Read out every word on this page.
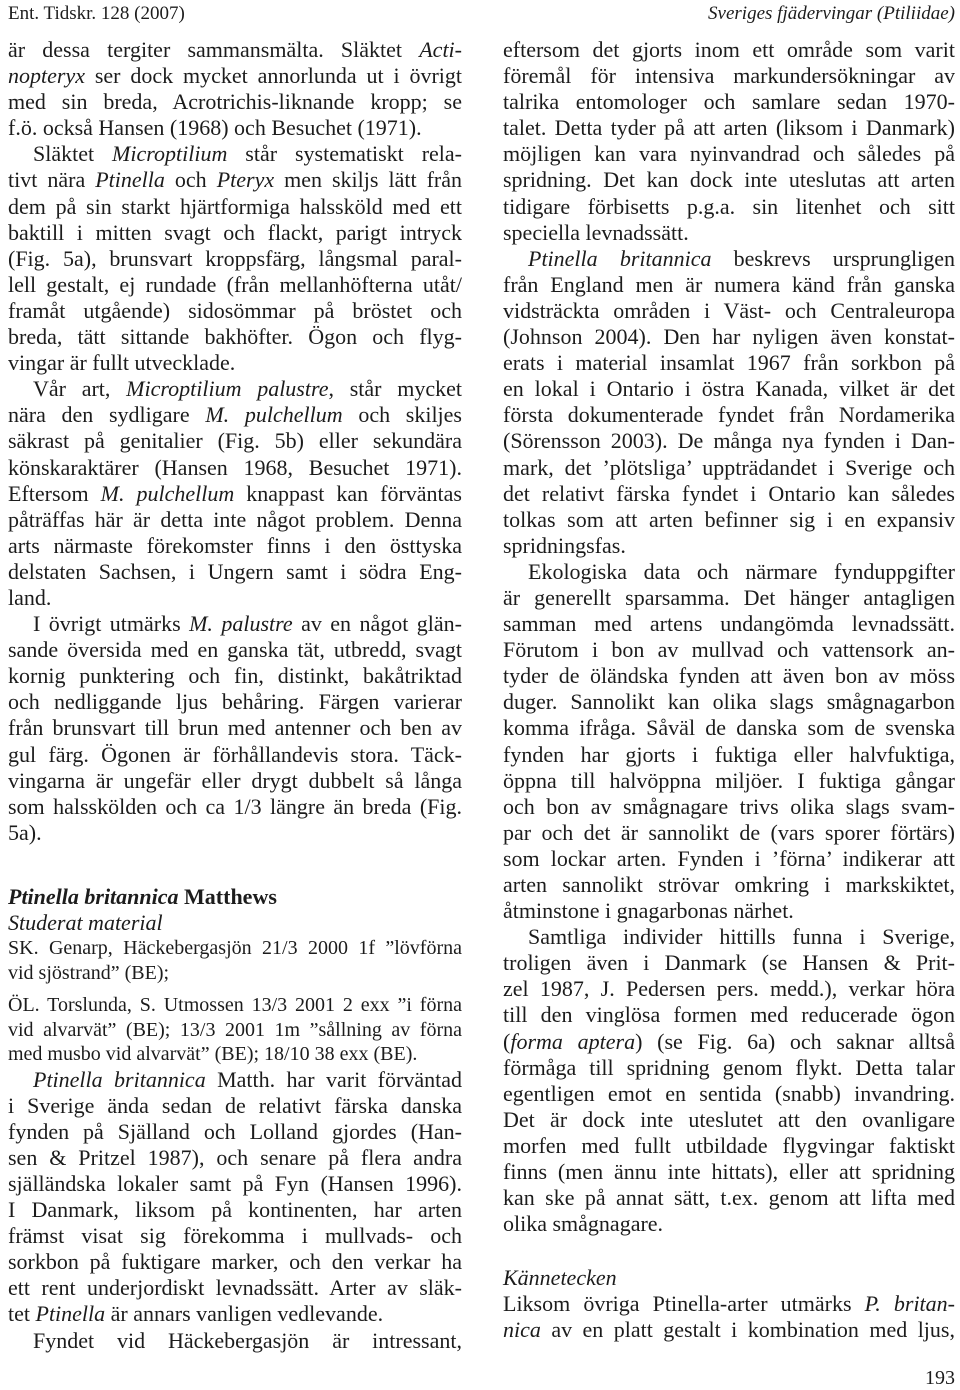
Ent. Tidskr. 128 (2007)	Sveriges fjädervingar (Ptiliidae)
är dessa tergiter sammansmälta. Släktet Acti-
nopteryx ser dock mycket annorlunda ut i övrigt
med sin breda, Acrotrichis-liknande kropp; se
f.ö. också Hansen (1968) och Besuchet (1971).
Släktet Microptilium står systematiskt rela-
tivt nära Ptinella och Pteryx men skiljs lätt från
dem på sin starkt hjärtformiga halssköld med ett
baktill i mitten svagt och flackt, parigt intryck
(Fig. 5a), brunsvart kroppsfärg, långsmal paral-
lell gestalt, ej rundade (från mellanhöfterna utåt/
framåt utgående) sidosömmar på bröstet och
breda, tätt sittande bakhöfter. Ögon och flyg-
vingar är fullt utvecklade.
Vår art, Microptilium palustre, står mycket
nära den sydligare M. pulchellum och skiljes
säkrast på genitalier (Fig. 5b) eller sekundära
könskaraktärer (Hansen 1968, Besuchet 1971).
Eftersom M. pulchellum knappast kan förväntas
påträffas här är detta inte något problem. Denna
arts närmaste förekomster finns i den östtyska
delstaten Sachsen, i Ungern samt i södra Eng-
land.
I övrigt utmärks M. palustre av en något glän-
sande översida med en ganska tät, utbredd, svagt
kornig punktering och fin, distinkt, bakåtriktad
och nedliggande ljus behåring. Färgen varierar
från brunsvart till brun med antenner och ben av
gul färg. Ögonen är förhållandevis stora. Täck-
vingarna är ungefär eller drygt dubbelt så långa
som halsskölden och ca 1/3 längre än breda (Fig.
5a).
Ptinella britannica Matthews
Studerat material
SK. Genarp, Häckebergasjön 21/3 2000 1f ”lövförna
vid sjöstrand” (BE);
ÖL. Torslunda, S. Utmossen 13/3 2001 2 exx ”i förna
vid alvarvät” (BE); 13/3 2001 1m ”sållning av förna
med musbo vid alvarvät” (BE); 18/10 38 exx (BE).
Ptinella britannica Matth. har varit förväntad
i Sverige ända sedan de relativt färska danska
fynden på Själland och Lolland gjordes (Han-
sen & Pritzel 1987), och senare på flera andra
själländska lokaler samt på Fyn (Hansen 1996).
I Danmark, liksom på kontinenten, har arten
främst visat sig förekomma i mullvads- och
sorkbon på fuktigare marker, och den verkar ha
ett rent underjordiskt levnadssätt. Arter av släk-
tet Ptinella är annars vanligen vedlevande.
Fyndet vid Häckebergasjön är intressant,
eftersom det gjorts inom ett område som varit
föremål för intensiva markundersökningar av
talrika entomologer och samlare sedan 1970-
talet. Detta tyder på att arten (liksom i Danmark)
möjligen kan vara nyinvandrad och således på
spridning. Det kan dock inte uteslutas att arten
tidigare förbisetts p.g.a. sin litenhet och sitt
speciella levnadssätt.
Ptinella britannica beskrevs ursprungligen
från England men är numera känd från ganska
vidsträckta områden i Väst- och Centraleuropa
(Johnson 2004). Den har nyligen även konstat-
erats i material insamlat 1967 från sorkbon på
en lokal i Ontario i östra Kanada, vilket är det
första dokumenterade fyndet från Nordamerika
(Sörensson 2003). De många nya fynden i Dan-
mark, det ’plötsliga’ uppträdandet i Sverige och
det relativt färska fyndet i Ontario kan således
tolkas som att arten befinner sig i en expansiv
spridningsfas.
Ekologiska data och närmare fynduppgifter
är generellt sparsamma. Det hänger antagligen
samman med artens undangömda levnadssätt.
Förutom i bon av mullvad och vattensork an-
tyder de öländska fynden att även bon av möss
duger. Sannolikt kan olika slags smågnagarbon
komma ifråga. Såväl de danska som de svenska
fynden har gjorts i fuktiga eller halvfuktiga,
öppna till halvöppna miljöer. I fuktiga gångar
och bon av smågnagare trivs olika slags svam-
par och det är sannolikt de (vars sporer förtärs)
som lockar arten. Fynden i ’förna’ indikerar att
arten sannolikt strövar omkring i markskiktet,
åtminstone i gnagarbonas närhet.
Samtliga individer hittills funna i Sverige,
troligen även i Danmark (se Hansen & Prit-
zel 1987, J. Pedersen pers. medd.), verkar höra
till den vinglösa formen med reducerade ögon
(forma aptera) (se Fig. 6a) och saknar alltså
förmåga till spridning genom flykt. Detta talar
egentligen emot en sentida (snabb) invandring.
Det är dock inte uteslutet att den ovanligare
morfen med fullt utbildade flygvingar faktiskt
finns (men ännu inte hittats), eller att spridning
kan ske på annat sätt, t.ex. genom att lifta med
olika smågnagare.
Kännetecken
Liksom övriga Ptinella-arter utmärks P. britan-
nica av en platt gestalt i kombination med ljus,
193
